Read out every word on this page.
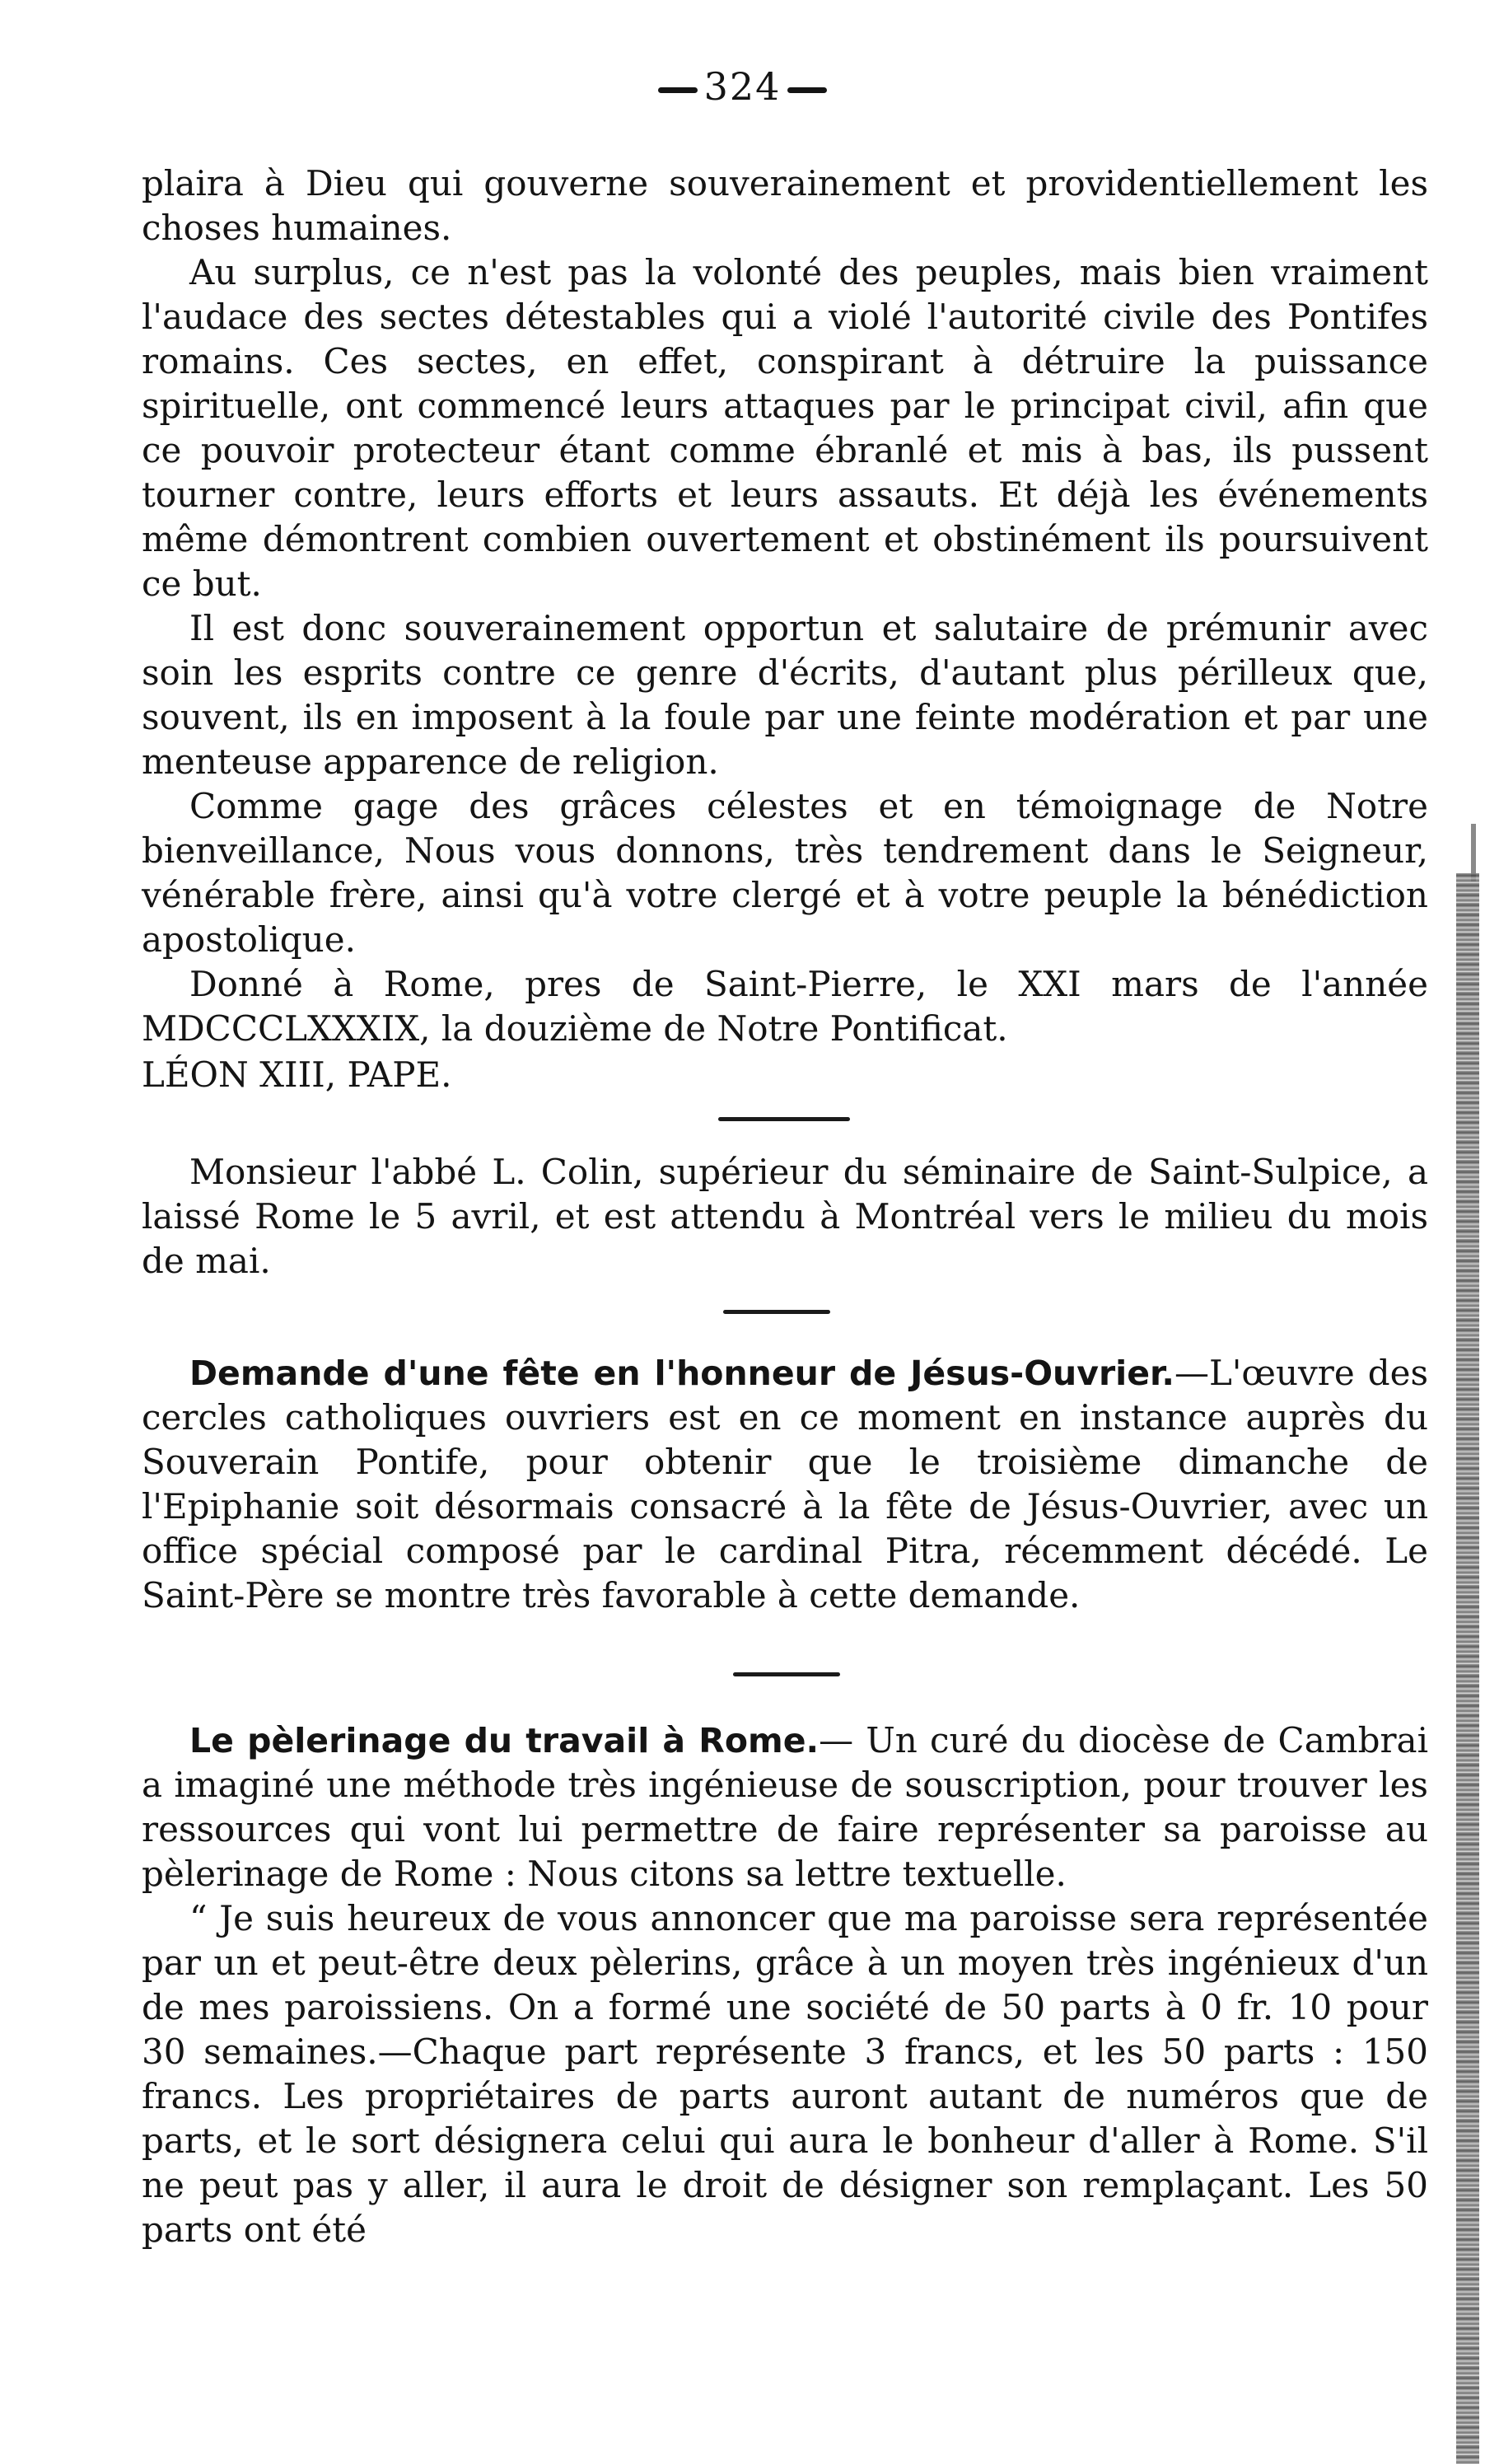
324

plaira à Dieu qui gouverne souverainement et providentiellement les choses humaines.

Au surplus, ce n'est pas la volonté des peuples, mais bien vraiment l'audace des sectes détestables qui a violé l'autorité civile des Pontifes romains. Ces sectes, en effet, conspirant à détruire la puissance spirituelle, ont commencé leurs attaques par le principat civil, afin que ce pouvoir protecteur étant comme ébranlé et mis à bas, ils pussent tourner contre, leurs efforts et leurs assauts. Et déjà les événements même démontrent combien ouvertement et obstinément ils poursuivent ce but.

Il est donc souverainement opportun et salutaire de prémunir avec soin les esprits contre ce genre d'écrits, d'autant plus périlleux que, souvent, ils en imposent à la foule par une feinte modération et par une menteuse apparence de religion.

Comme gage des grâces célestes et en témoignage de Notre bienveillance, Nous vous donnons, très tendrement dans le Seigneur, vénérable frère, ainsi qu'à votre clergé et à votre peuple la bénédiction apostolique.

Donné à Rome, pres de Saint-Pierre, le XXI mars de l'année MDCCCLXXXIX, la douzième de Notre Pontificat.

LÉON XIII, PAPE.

Monsieur l'abbé L. Colin, supérieur du séminaire de Saint-Sulpice, a laissé Rome le 5 avril, et est attendu à Montréal vers le milieu du mois de mai.

Demande d'une fête en l'honneur de Jésus-Ouvrier.—L'œuvre des cercles catholiques ouvriers est en ce moment en instance auprès du Souverain Pontife, pour obtenir que le troisième dimanche de l'Epiphanie soit désormais consacré à la fête de Jésus-Ouvrier, avec un office spécial composé par le cardinal Pitra, récemment décédé. Le Saint-Père se montre très favorable à cette demande.

Le pèlerinage du travail à Rome.— Un curé du diocèse de Cambrai a imaginé une méthode très ingénieuse de souscription, pour trouver les ressources qui vont lui permettre de faire représenter sa paroisse au pèlerinage de Rome : Nous citons sa lettre textuelle.

“ Je suis heureux de vous annoncer que ma paroisse sera représentée par un et peut-être deux pèlerins, grâce à un moyen très ingénieux d'un de mes paroissiens. On a formé une société de 50 parts à 0 fr. 10 pour 30 semaines.—Chaque part représente 3 francs, et les 50 parts : 150 francs. Les propriétaires de parts auront autant de numéros que de parts, et le sort désignera celui qui aura le bonheur d'aller à Rome. S'il ne peut pas y aller, il aura le droit de désigner son remplaçant. Les 50 parts ont été
